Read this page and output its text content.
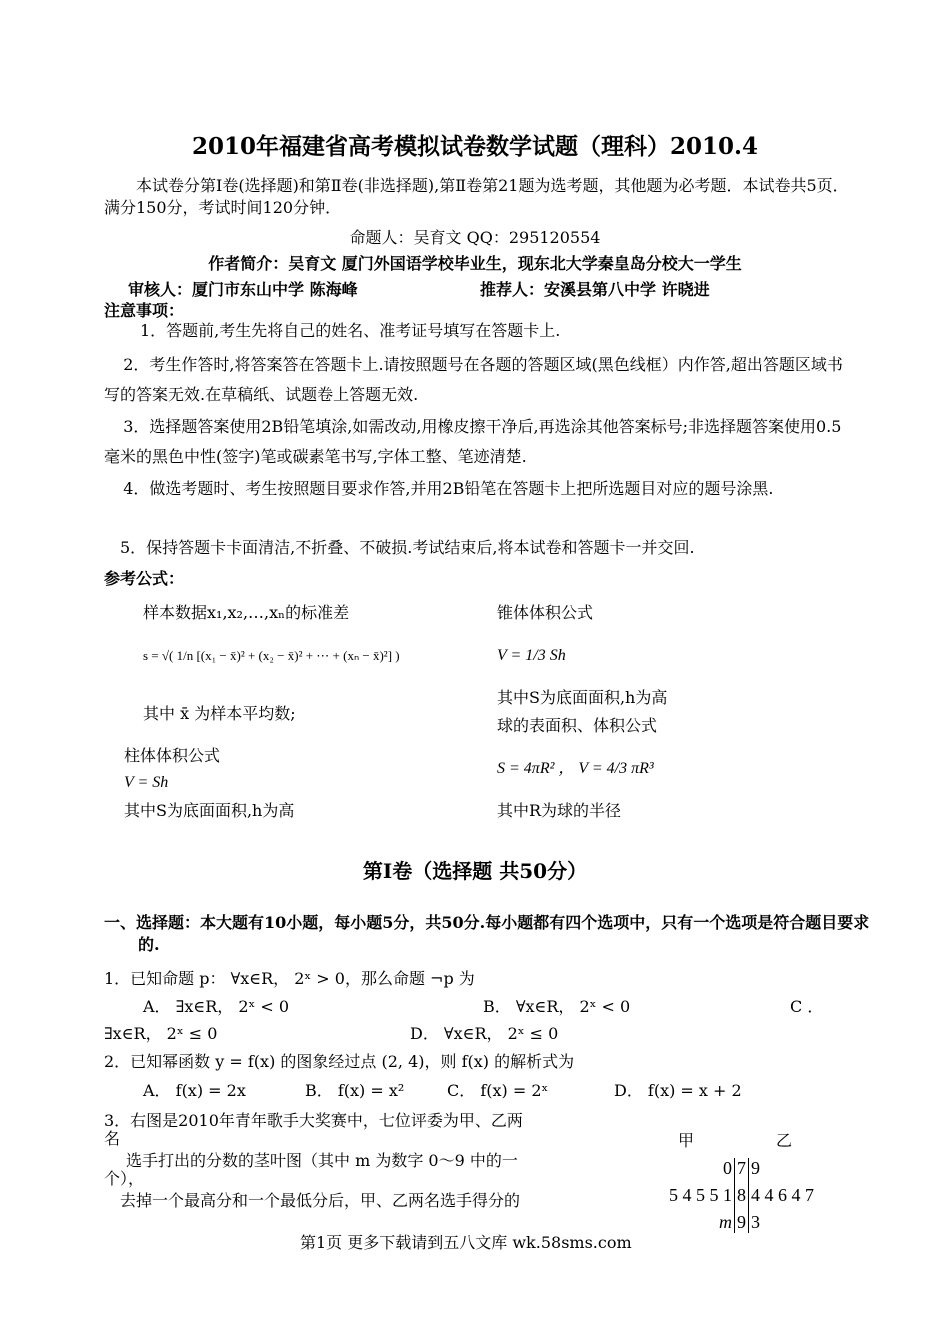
2010年福建省高考模拟试卷数学试题（理科）2010.4
本试卷分第Ⅰ卷(选择题)和第Ⅱ卷(非选择题),第Ⅱ卷第21题为选考题，其他题为必考题．本试卷共5页．满分150分，考试时间120分钟．
命题人：吴育文 QQ：295120554
作者简介：吴育文 厦门外国语学校毕业生，现东北大学秦皇岛分校大一学生
审核人：厦门市东山中学 陈海峰	推荐人：安溪县第八中学 许晓进
注意事项：
1．答题前,考生先将自己的姓名、准考证号填写在答题卡上.
2．考生作答时,将答案答在答题卡上.请按照题号在各题的答题区域(黑色线框）内作答,超出答题区域书写的答案无效.在草稿纸、试题卷上答题无效.
3．选择题答案使用2B铅笔填涂,如需改动,用橡皮擦干净后,再选涂其他答案标号;非选择题答案使用0.5毫米的黑色中性(签字)笔或碳素笔书写,字体工整、笔迹清楚.
4．做选考题时、考生按照题目要求作答,并用2B铅笔在答题卡上把所选题目对应的题号涂黑.
5．保持答题卡卡面清洁,不折叠、不破损.考试结束后,将本试卷和答题卡一并交回.
参考公式：
样本数据x₁,x₂,…,xₙ的标准差
s = √( 1/n [(x₁ − x̄)² + (x₂ − x̄)² + ⋯ + (xₙ − x̄)²] )
其中 x̄ 为样本平均数;
柱体体积公式
V = Sh
其中S为底面面积,h为高
锥体体积公式
V = 1/3 Sh
其中S为底面面积,h为高
球的表面积、体积公式
S = 4πR² ， V = 4/3 πR³
其中R为球的半径
第Ⅰ卷（选择题 共50分）
一、选择题：本大题有10小题，每小题5分，共50分.每小题都有四个选项中，只有一个选项是符合题目要求的.
1．已知命题 p： ∀x∈R， 2ˣ > 0，那么命题 ¬p 为
A． ∃x∈R， 2ˣ < 0	B． ∀x∈R， 2ˣ < 0	C ．
∃x∈R， 2ˣ ≤ 0	D． ∀x∈R， 2ˣ ≤ 0
2．已知幂函数 y = f(x) 的图象经过点 (2, 4)，则 f(x) 的解析式为
A． f(x) = 2x	B． f(x) = x²	C． f(x) = 2ˣ	D． f(x) = x + 2
3．右图是2010年青年歌手大奖赛中，七位评委为甲、乙两
名
选手打出的分数的茎叶图（其中 m 为数字 0～9 中的一
个），
去掉一个最高分和一个最低分后，甲、乙两名选手得分的
甲	乙
0	7	9
5 4 5 5 1	8	4 4 6 4 7
m	9	3
第1页 更多下载请到五八文库 wk.58sms.com
